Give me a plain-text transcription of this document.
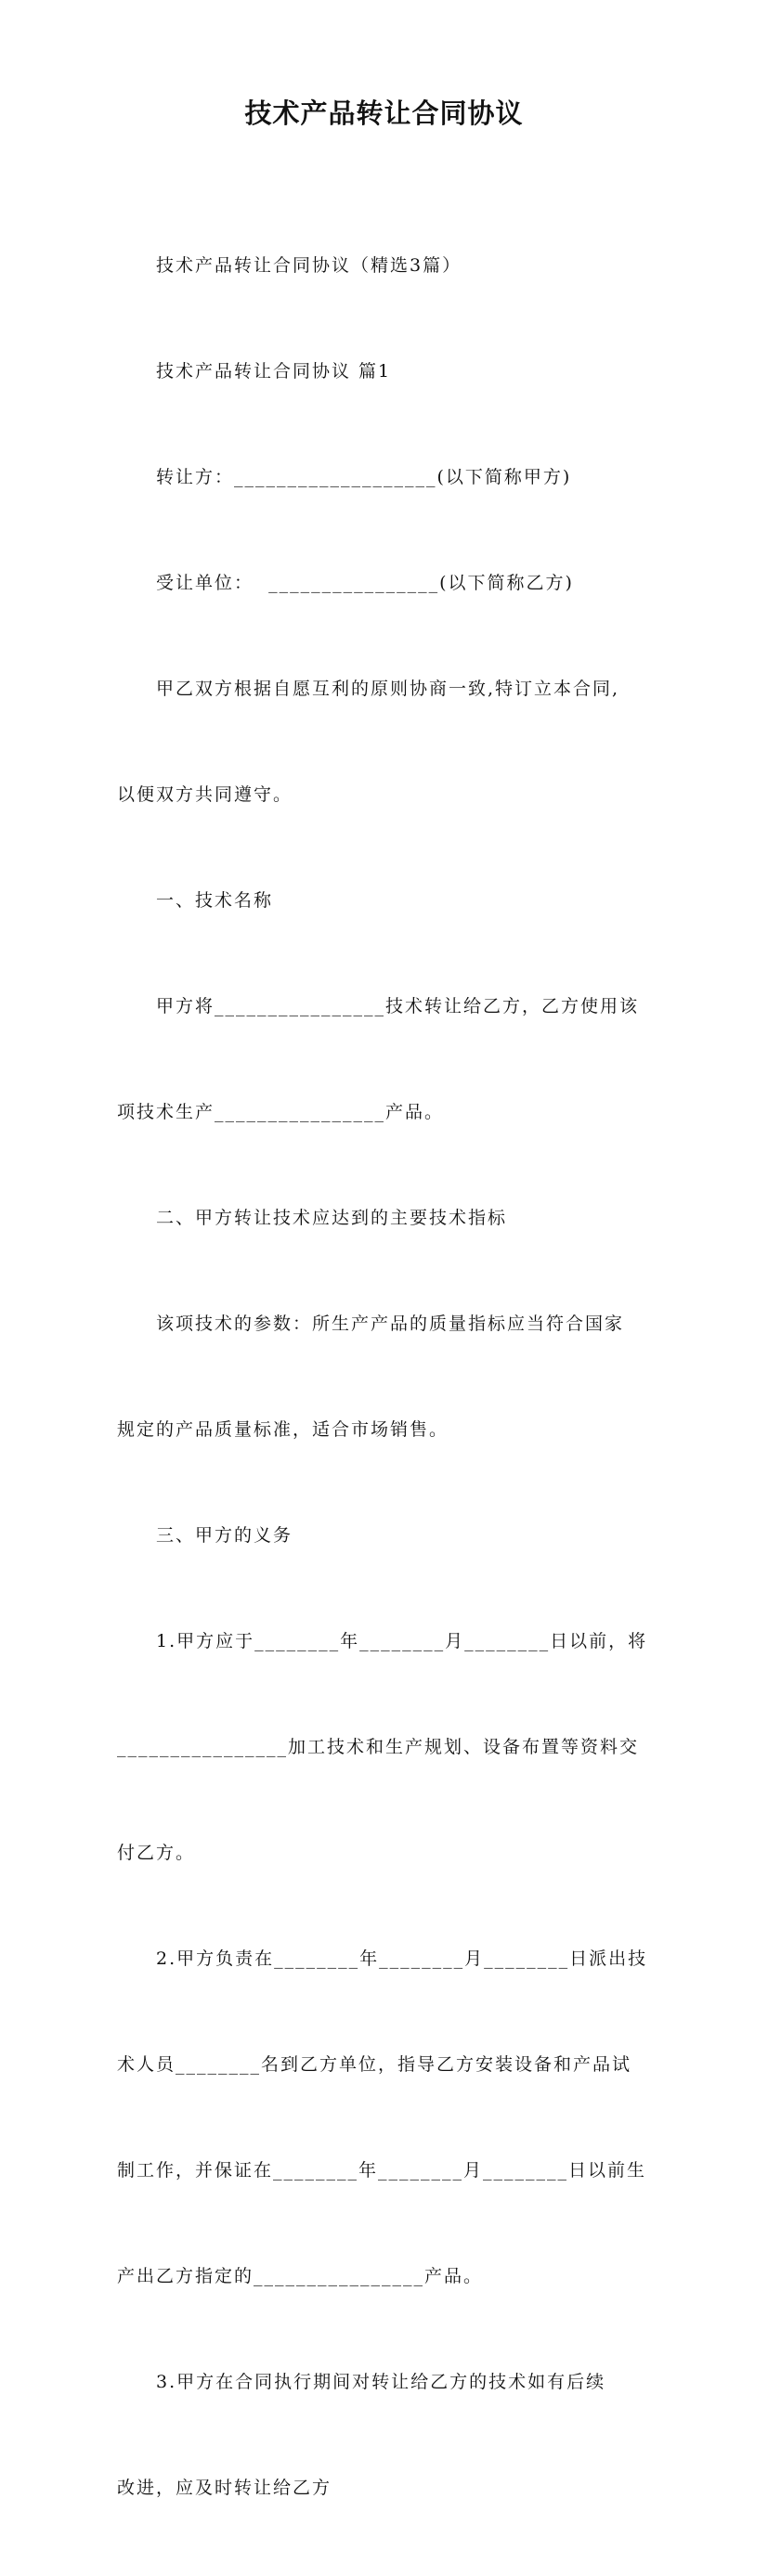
技术产品转让合同协议

　　技术产品转让合同协议（精选3篇）

　　技术产品转让合同协议 篇1

　　转让方：___________________(以下简称甲方)

　　受让单位：  ________________(以下简称乙方)

　　甲乙双方根据自愿互利的原则协商一致,特订立本合同,

以便双方共同遵守。

　　一、技术名称

　　甲方将________________技术转让给乙方，乙方使用该

项技术生产________________产品。

　　二、甲方转让技术应达到的主要技术指标

　　该项技术的参数：所生产产品的质量指标应当符合国家

规定的产品质量标准，适合市场销售。

　　三、甲方的义务

　　1.甲方应于________年________月________日以前，将

________________加工技术和生产规划、设备布置等资料交

付乙方。

　　2.甲方负责在________年________月________日派出技

术人员________名到乙方单位，指导乙方安装设备和产品试

制工作，并保证在________年________月________日以前生

产出乙方指定的________________产品。

　　3.甲方在合同执行期间对转让给乙方的技术如有后续

改进，应及时转让给乙方
